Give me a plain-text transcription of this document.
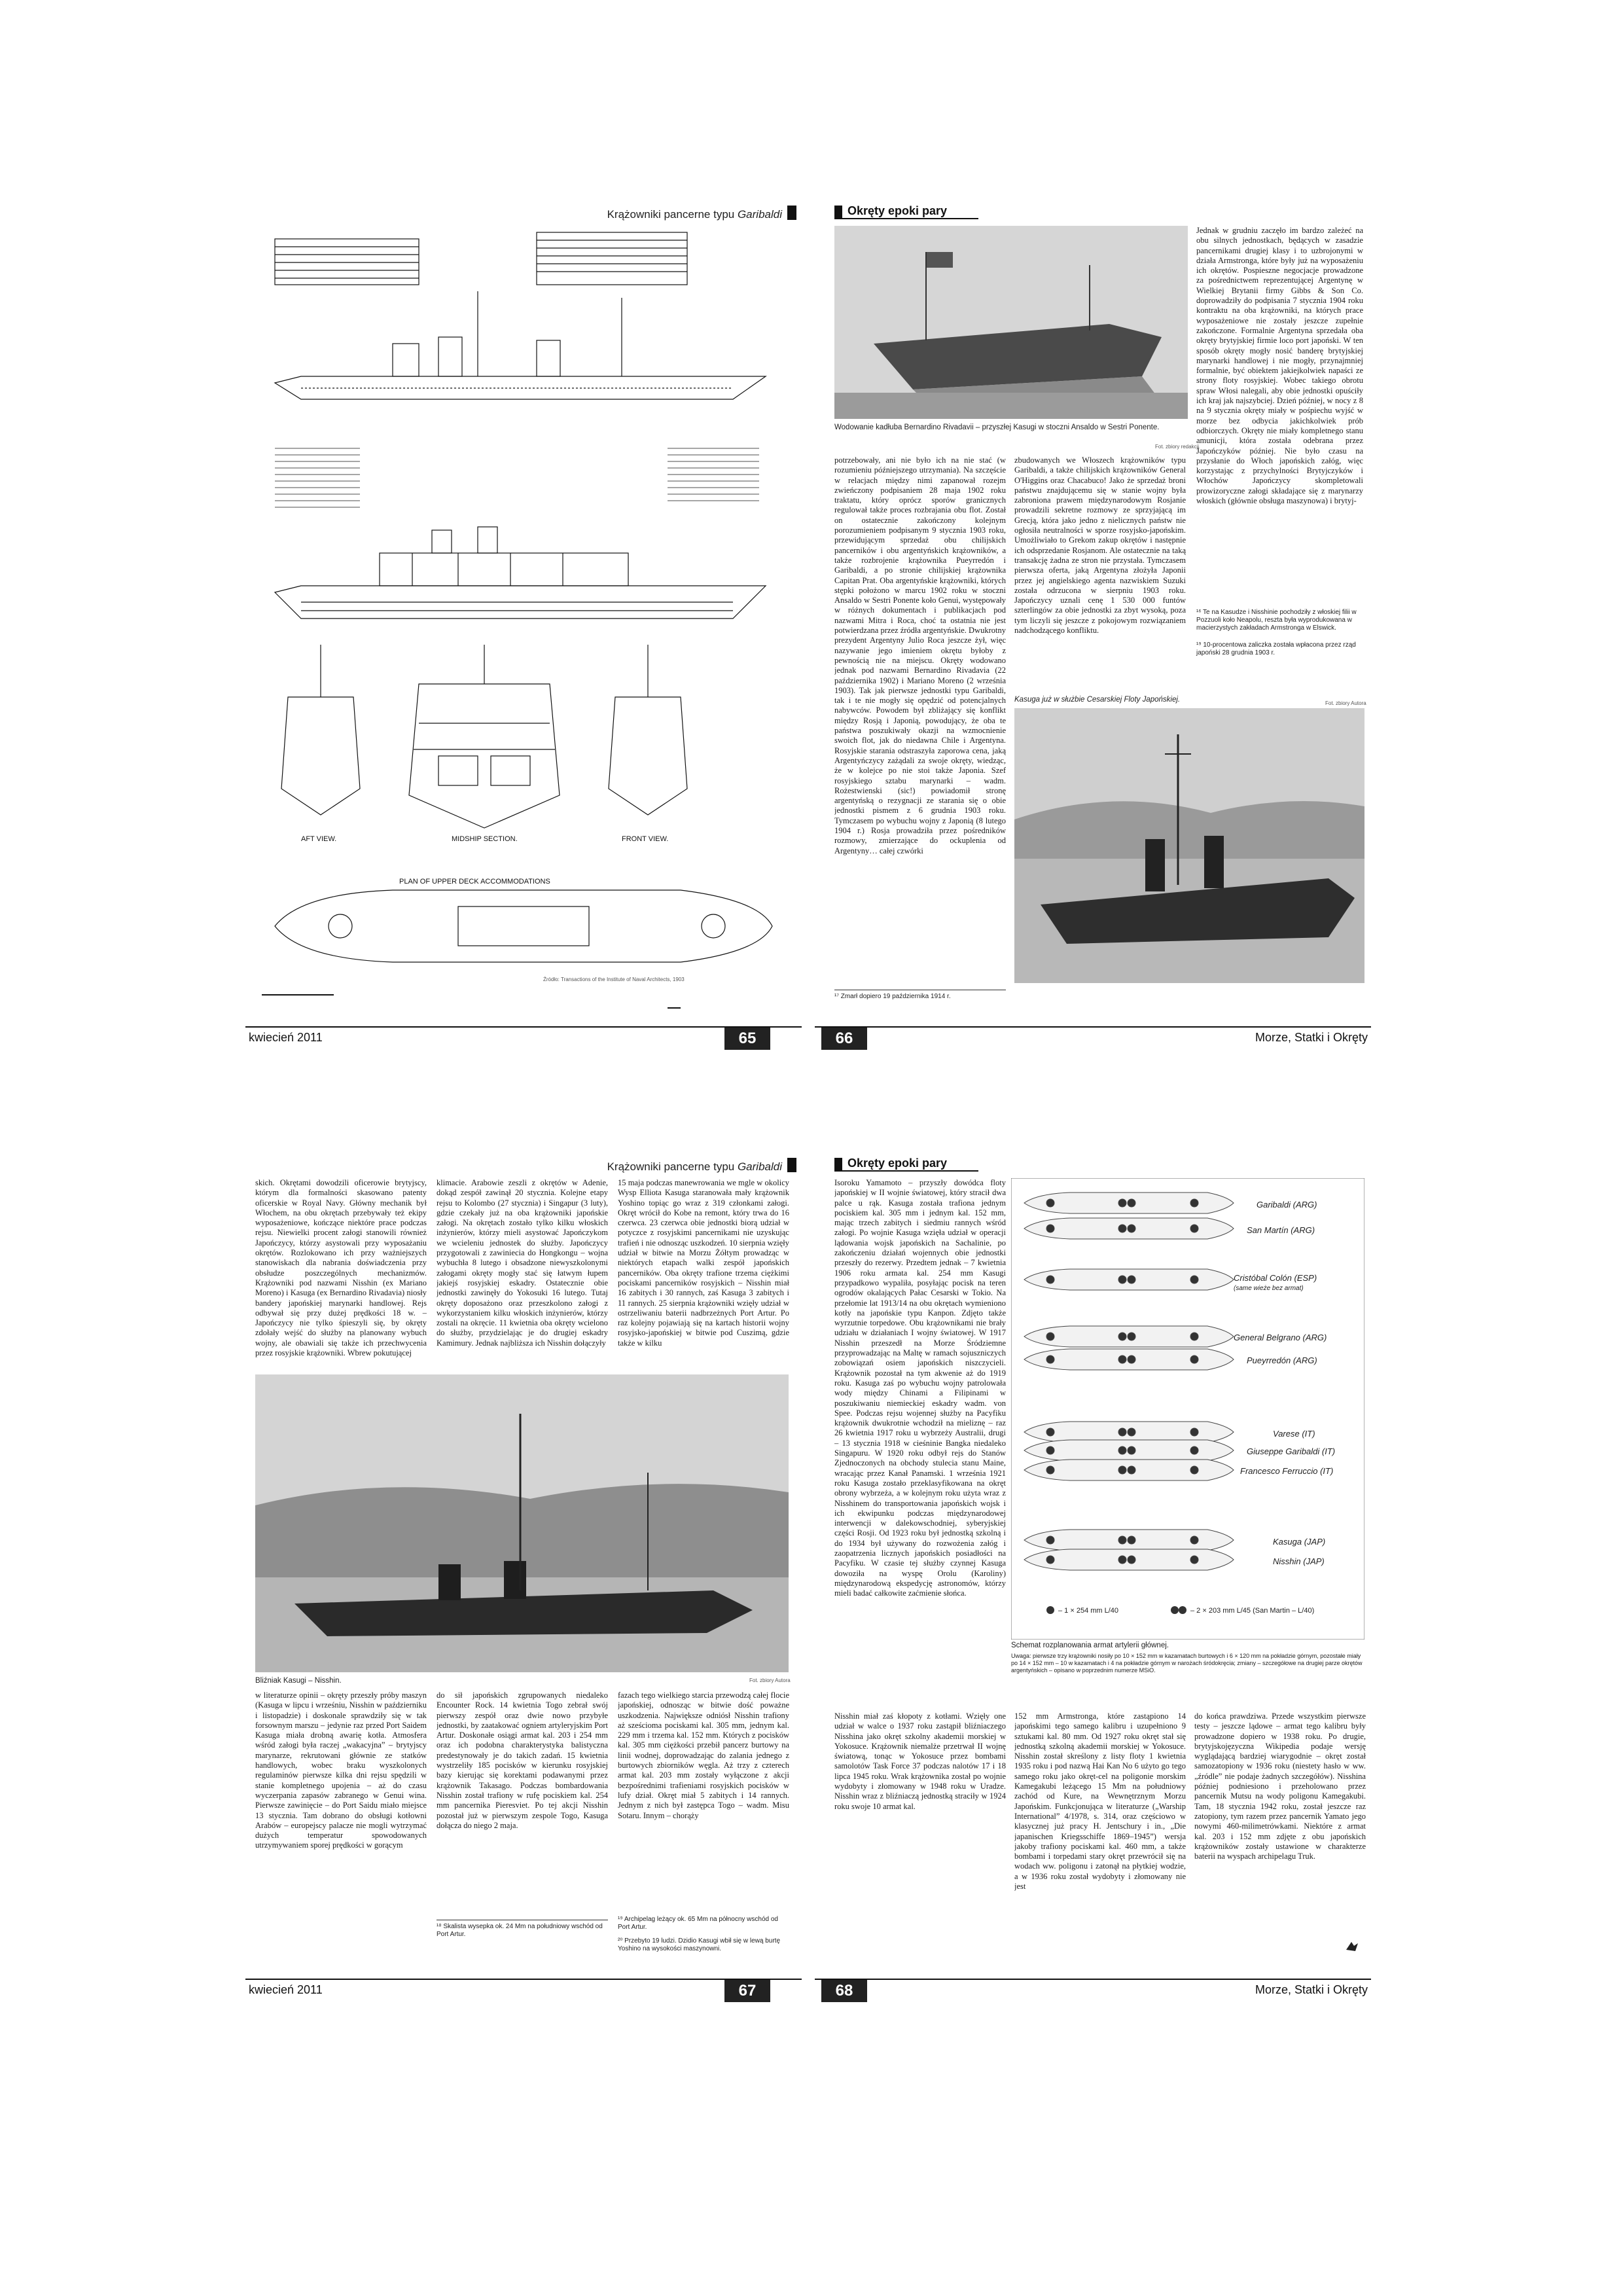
Krążowniki pancerne typu Garibaldi
AFT VIEW.	MIDSHIP SECTION.	FRONT VIEW.
PLAN OF UPPER DECK ACCOMMODATIONS
Źródło: Transactions of the Institute of Naval Architects, 1903
kwiecień 2011	65
Okręty epoki pary
Wodowanie kadłuba Bernardino Rivadavii – przyszłej Kasugi w stoczni Ansaldo w Sestri Ponente.
Fot. zbiory redakcji
potrzebowały, ani nie było ich na nie stać (w rozumieniu późniejszego utrzymania). Na szczęście w relacjach między nimi zapanował rozejm zwieńczony podpisaniem 28 maja 1902 roku traktatu, który oprócz sporów granicznych regulował także proces rozbrajania obu flot. Został on ostatecznie zakończony kolejnym porozumieniem podpisanym 9 stycznia 1903 roku, przewidującym sprzedaż obu chilijskich pancerników i obu argentyńskich krążowników, a także rozbrojenie krążownika Pueyrredón i Garibaldi, a po stronie chilijskiej krążownika Capitan Prat. Oba argentyńskie krążowniki, których stępki położono w marcu 1902 roku w stoczni Ansaldo w Sestri Ponente koło Genui, występowały w różnych dokumentach i publikacjach pod nazwami Mitra i Roca, choć ta ostatnia nie jest potwierdzana przez źródła argentyńskie. Dwukrotny prezydent Argentyny Julio Roca jeszcze żył, więc nazywanie jego imieniem okrętu byłoby z pewnością nie na miejscu. Okręty wodowano jednak pod nazwami Bernardino Rivadavia (22 października 1902) i Mariano Moreno (2 września 1903). Tak jak pierwsze jednostki typu Garibaldi, tak i te nie mogły się opędzić od potencjalnych nabywców. Powodem był zbliżający się konflikt między Rosją i Japonią, powodujący, że oba te państwa poszukiwały okazji na wzmocnienie swoich flot, jak do niedawna Chile i Argentyna. Rosyjskie starania odstraszyła zaporowa cena, jaką Argentyńczycy zażądali za swoje okręty, wiedząc, że w kolejce po nie stoi także Japonia. Szef rosyjskiego sztabu marynarki – wadm. Rożestwienski (sic!) powiadomił stronę argentyńską o rezygnacji ze starania się o obie jednostki pismem z 6 grudnia 1903 roku. Tymczasem po wybuchu wojny z Japonią (8 lutego 1904 r.) Rosja prowadziła przez pośredników rozmowy, zmierzające do ockuplenia od Argentyny… całej czwórki
zbudowanych we Włoszech krążowników typu Garibaldi, a także chilijskich krążowników General O'Higgins oraz Chacabuco! Jako że sprzedaż broni państwu znajdującemu się w stanie wojny była zabroniona prawem międzynarodowym Rosjanie prowadzili sekretne rozmowy ze sprzyjającą im Grecją, która jako jedno z nielicznych państw nie ogłosiła neutralności w sporze rosyjsko-japońskim. Umożliwiało to Grekom zakup okrętów i następnie ich odsprzedanie Rosjanom. Ale ostatecznie na taką transakcję żadna ze stron nie przystała. Tymczasem pierwsza oferta, jaką Argentyna złożyła Japonii przez jej angielskiego agenta nazwiskiem Suzuki została odrzucona w sierpniu 1903 roku. Japończycy uznali cenę 1 530 000 funtów szterlingów za obie jednostki za zbyt wysoką, poza tym liczyli się jeszcze z pokojowym rozwiązaniem nadchodzącego konfliktu.
Jednak w grudniu zaczęło im bardzo zależeć na obu silnych jednostkach, będących w zasadzie pancernikami drugiej klasy i to uzbrojonymi w działa Armstronga, które były już na wyposażeniu ich okrętów. Pospieszne negocjacje prowadzone za pośrednictwem reprezentującej Argentynę w Wielkiej Brytanii firmy Gibbs & Son Co. doprowadziły do podpisania 7 stycznia 1904 roku kontraktu na oba krążowniki, na których prace wyposażeniowe nie zostały jeszcze zupełnie zakończone. Formalnie Argentyna sprzedała oba okręty brytyjskiej firmie loco port japoński. W ten sposób okręty mogły nosić banderę brytyjskiej marynarki handlowej i nie mogły, przynajmniej formalnie, być obiektem jakiejkolwiek napaści ze strony floty rosyjskiej. Wobec takiego obrotu spraw Włosi nalegali, aby obie jednostki opuściły ich kraj jak najszybciej. Dzień później, w nocy z 8 na 9 stycznia okręty miały w pośpiechu wyjść w morze bez odbycia jakichkolwiek prób odbiorczych. Okręty nie miały kompletnego stanu amunicji, która została odebrana przez Japończyków później. Nie było czasu na przysłanie do Włoch japońskich załóg, więc korzystając z przychylności Brytyjczyków i Włochów Japończycy skompletowali prowizoryczne załogi składające się z marynarzy włoskich (głównie obsługa maszynowa) i brytyj-
¹⁶ Te na Kasudze i Nisshinie pochodziły z włoskiej filii w Pozzuoli koło Neapolu, reszta była wyprodukowana w macierzystych zakładach Armstronga w Elswick.
¹⁹ 10-procentowa zaliczka została wpłacona przez rząd japoński 28 grudnia 1903 r.
Kasuga już w służbie Cesarskiej Floty Japońskiej.	Fot. zbiory Autora
¹⁷ Zmarł dopiero 19 października 1914 r.
66	Morze, Statki i Okręty
Krążowniki pancerne typu Garibaldi
skich. Okrętami dowodzili oficerowie brytyjscy, którym dla formalności skasowano patenty oficerskie w Royal Navy. Główny mechanik był Włochem, na obu okrętach przebywały też ekipy wyposażeniowe, kończące niektóre prace podczas rejsu. Niewielki procent załogi stanowili również Japończycy, którzy asystowali przy wyposażaniu okrętów. Rozlokowano ich przy ważniejszych stanowiskach dla nabrania doświadczenia przy obsłudze poszczególnych mechanizmów. Krążowniki pod nazwami Nisshin (ex Mariano Moreno) i Kasuga (ex Bernardino Rivadavia) niosły bandery japońskiej marynarki handlowej. Rejs odbywał się przy dużej prędkości 18 w. – Japończycy nie tylko śpieszyli się, by okręty zdołały wejść do służby na planowany wybuch wojny, ale obawiali się także ich przechwycenia przez rosyjskie krążowniki. Wbrew pokutującej
klimacie. Arabowie zeszli z okrętów w Adenie, dokąd zespół zawinął 20 stycznia. Kolejne etapy rejsu to Kolombo (27 stycznia) i Singapur (3 luty), gdzie czekały już na oba krążowniki japońskie załogi. Na okrętach zostało tylko kilku włoskich inżynierów, którzy mieli asystować Japończykom we wcieleniu jednostek do służby. Japończycy przygotowali z zawiniecia do Hongkongu – wojna wybuchła 8 lutego i obsadzone niewyszkolonymi załogami okręty mogły stać się łatwym łupem jakiejś rosyjskiej eskadry. Ostatecznie obie jednostki zawinęły do Yokosuki 16 lutego. Tutaj okręty doposażono oraz przeszkolono załogi z wykorzystaniem kilku włoskich inżynierów, którzy zostali na okręcie. 11 kwietnia oba okręty wcielono do służby, przydzielając je do drugiej eskadry Kamimury. Jednak najbliższa ich Nisshin dołączyły
15 maja podczas manewrowania we mgle w okolicy Wysp Elliota Kasuga staranowała mały krążownik Yoshino topiąc go wraz z 319 członkami załogi. Okręt wrócił do Kobe na remont, który trwa do 16 czerwca. 23 czerwca obie jednostki biorą udział w potyczce z rosyjskimi pancernikami nie uzyskując trafień i nie odnosząc uszkodzeń. 10 sierpnia wzięły udział w bitwie na Morzu Żółtym prowadząc w niektórych etapach walki zespół japońskich pancerników. Oba okręty trafione trzema ciężkimi pociskami pancerników rosyjskich – Nisshin miał 16 zabitych i 30 rannych, zaś Kasuga 3 zabitych i 11 rannych. 25 sierpnia krążowniki wzięły udział w ostrzeliwaniu baterii nadbrzeżnych Port Artur. Po raz kolejny pojawiają się na kartach historii wojny rosyjsko-japońskiej w bitwie pod Cuszimą, gdzie także w kilku
Bliźniak Kasugi – Nisshin.	Fot. zbiory Autora
w literaturze opinii – okręty przeszły próby maszyn (Kasuga w lipcu i wrześniu, Nisshin w październiku i listopadzie) i doskonale sprawdziły się w tak forsownym marszu – jedynie raz przed Port Saidem Kasuga miała drobną awarię kotła. Atmosfera wśród załogi była raczej „wakacyjna” – brytyjscy marynarze, rekrutowani głównie ze statków handlowych, wobec braku wyszkolonych regulaminów pierwsze kilka dni rejsu spędzili w stanie kompletnego upojenia – aż do czasu wyczerpania zapasów zabranego w Genui wina. Pierwsze zawinięcie – do Port Saidu miało miejsce 13 stycznia. Tam dobrano do obsługi kotłowni Arabów – europejscy palacze nie mogli wytrzymać dużych temperatur spowodowanych utrzymywaniem sporej prędkości w gorącym
do sił japońskich zgrupowanych niedaleko Encounter Rock. 14 kwietnia Togo zebrał swój pierwszy zespół oraz dwie nowo przybyłe jednostki, by zaatakować ogniem artyleryjskim Port Artur. Doskonałe osiągi armat kal. 203 i 254 mm oraz ich podobna charakterystyka balistyczna predestynowały je do takich zadań. 15 kwietnia wystrzeliły 185 pocisków w kierunku rosyjskiej bazy kierując się korektami podawanymi przez krążownik Takasago. Podczas bombardowania Nisshin został trafiony w rufę pociskiem kal. 254 mm pancernika Pieresviet. Po tej akcji Nisshin pozostał już w pierwszym zespole Togo, Kasuga dołącza do niego 2 maja.
fazach tego wielkiego starcia przewodzą całej flocie japońskiej, odnosząc w bitwie dość poważne uszkodzenia. Największe odniósł Nisshin trafiony aż sześcioma pociskami kal. 305 mm, jednym kal. 229 mm i trzema kal. 152 mm. Których z pocisków kal. 305 mm ciężkości przebił pancerz burtowy na linii wodnej, doprowadzając do zalania jednego z burtowych zbiorników węgla. Aż trzy z czterech armat kal. 203 mm zostały wyłączone z akcji bezpośrednimi trafieniami rosyjskich pocisków w lufy dział. Okręt miał 5 zabitych i 14 rannych. Jednym z nich był zastępca Togo – wadm. Misu Sotaru. Innym – chorąży
¹⁸ Skalista wysepka ok. 24 Mm na południowy wschód od Port Artur.
¹⁹ Archipelag leżący ok. 65 Mm na północny wschód od Port Artur.
²⁰ Przebyto 19 ludzi. Dzidio Kasugi wbił się w lewą burtę Yoshino na wysokości maszynowni.
kwiecień 2011	67
Okręty epoki pary
Isoroku Yamamoto – przyszły dowódca floty japońskiej w II wojnie światowej, który stracił dwa palce u rąk. Kasuga została trafiona jednym pociskiem kal. 305 mm i jednym kal. 152 mm, mając trzech zabitych i siedmiu rannych wśród załogi. Po wojnie Kasuga wzięła udział w operacji lądowania wojsk japońskich na Sachalinie, po zakończeniu działań wojennych obie jednostki przeszły do rezerwy. Przedtem jednak – 7 kwietnia 1906 roku armata kal. 254 mm Kasugi przypadkowo wypaliła, posyłając pocisk na teren ogrodów okalających Pałac Cesarski w Tokio. Na przełomie lat 1913/14 na obu okrętach wymieniono kotły na japońskie typu Kanpon. Zdjęto także wyrzutnie torpedowe. Obu krążownikami nie brały udziału w działaniach I wojny światowej. W 1917 Nisshin przeszedł na Morze Śródziemne przyprowadzając na Maltę w ramach sojuszniczych zobowiązań osiem japońskich niszczycieli. Krążownik pozostał na tym akwenie aż do 1919 roku. Kasuga zaś po wybuchu wojny patrolowała wody między Chinami a Filipinami w poszukiwaniu niemieckiej eskadry wadm. von Spee. Podczas rejsu wojennej służby na Pacyfiku krążownik dwukrotnie wchodził na mieliznę – raz 26 kwietnia 1917 roku u wybrzeży Australii, drugi – 13 stycznia 1918 w cieśninie Bangka niedaleko Singapuru. W 1920 roku odbył rejs do Stanów Zjednoczonych na obchody stulecia stanu Maine, wracając przez Kanał Panamski. 1 września 1921 roku Kasuga zostało przeklasyfikowana na okręt obrony wybrzeża, a w kolejnym roku użyta wraz z Nisshinem do transportowania japońskich wojsk i ich ekwipunku podczas międzynarodowej interwencji w dalekowschodniej, syberyjskiej części Rosji. Od 1923 roku był jednostką szkolną i do 1934 był używany do rozwożenia załóg i zaopatrzenia licznych japońskich posiadłości na Pacyfiku. W czasie tej służby czynnej Kasuga dowoziła na wyspę Orolu (Karoliny) międzynarodową ekspedycję astronomów, którzy mieli badać całkowite zaćmienie słońca.
Nisshin miał zaś kłopoty z kotłami. Wzięły one udział w walce o 1937 roku zastąpił bliźniaczego Nisshina jako okręt szkolny akademii morskiej w Yokosuce. Krążownik niemalże przetrwał II wojnę światową, tonąc w Yokosuce przez bombami samolotów Task Force 37 podczas nalotów 17 i 18 lipca 1945 roku. Wrak krążownika został po wojnie wydobyty i złomowany w 1948 roku w Uradze. Nisshin wraz z bliźniaczą jednostką straciły w 1924 roku swoje 10 armat kal.
Garibaldi (ARG)
San Martín (ARG)
Cristóbal Colón (ESP)
(same wieże bez armat)
General Belgrano (ARG)
Pueyrredón (ARG)
Varese (IT)
Giuseppe Garibaldi (IT)
Francesco Ferruccio (IT)
Kasuga (JAP)
Nisshin (JAP)
– 1 × 254 mm L/40	– 2 × 203 mm L/45 (San Martin – L/40)
Schemat rozplanowania armat artylerii głównej.
Uwaga: pierwsze trzy krążowniki nosiły po 10 × 152 mm w kazamatach burtowych i 6 × 120 mm na pokładzie górnym, pozostałe miały po 14 × 152 mm – 10 w kazamatach i 4 na pokładzie górnym w narożach śródokręcia; zmiany – szczegółowe na drugiej parze okrętów argentyńskich – opisano w poprzednim numerze MSiO.
152 mm Armstronga, które zastąpiono 14 japońskimi tego samego kalibru i uzupełniono 9 sztukami kal. 80 mm. Od 1927 roku okręt stał się jednostką szkolną akademii morskiej w Yokosuce. Nisshin został skreślony z listy floty 1 kwietnia 1935 roku i pod nazwą Hai Kan No 6 użyto go tego samego roku jako okręt-cel na poligonie morskim Kamegakubi leżącego 15 Mm na południowy zachód od Kure, na Wewnętrznym Morzu Japońskim. Funkcjonująca w literaturze („Warship International” 4/1978, s. 314, oraz częściowo w klasycznej już pracy H. Jentschury i in., „Die japanischen Kriegsschiffe 1869–1945”) wersja jakoby trafiony pociskami kal. 460 mm, a także bombami i torpedami stary okręt przewrócił się na wodach ww. poligonu i zatonął na płytkiej wodzie, a w 1936 roku został wydobyty i złomowany nie jest
do końca prawdziwa. Przede wszystkim pierwsze testy – jeszcze lądowe – armat tego kalibru były prowadzone dopiero w 1938 roku. Po drugie, brytyjskojęzyczna Wikipedia podaje wersję wyglądającą bardziej wiarygodnie – okręt został samozatopiony w 1936 roku (niestety hasło w ww. „źródle” nie podaje żadnych szczegółów). Nisshina później podniesiono i przeholowano przez pancernik Mutsu na wody poligonu Kamegakubi. Tam, 18 stycznia 1942 roku, został jeszcze raz zatopiony, tym razem przez pancernik Yamato jego nowymi 460-milimetrówkami. Niektóre z armat kal. 203 i 152 mm zdjęte z obu japońskich krążowników zostały ustawione w charakterze baterii na wyspach archipelagu Truk.
68	Morze, Statki i Okręty
